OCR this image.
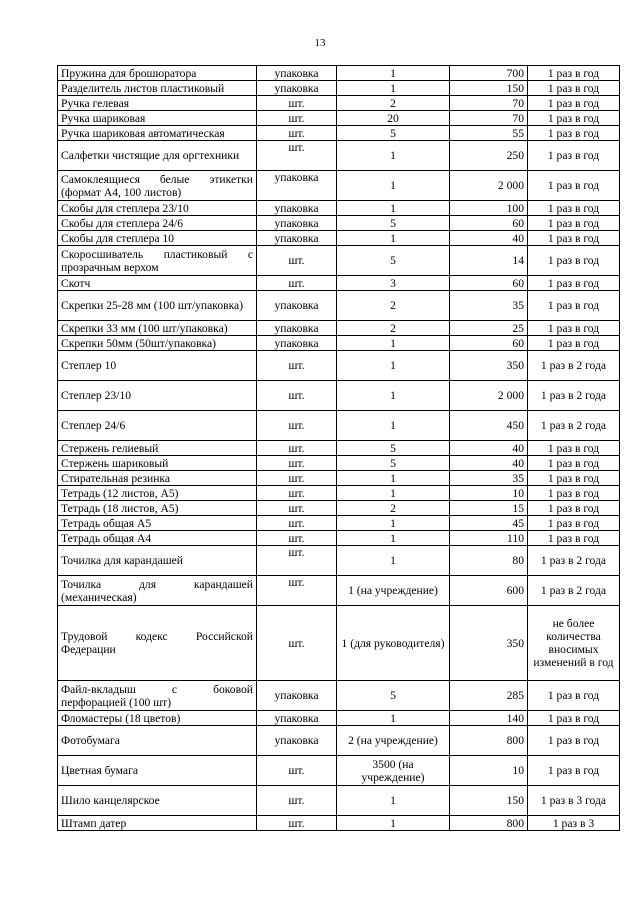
13
Пружина для брошюратора	упаковка	1	700	1 раз в год
Разделитель листов пластиковый	упаковка	1	150	1 раз в год
Ручка гелевая	шт.	2	70	1 раз в год
Ручка шариковая	шт.	20	70	1 раз в год
Ручка шариковая автоматическая	шт.	5	55	1 раз в год
Салфетки чистящие для оргтехники	шт.	1	250	1 раз в год
Самоклеящиеся белые этикетки (формат А4, 100 листов)	упаковка	1	2 000	1 раз в год
Скобы для степлера 23/10	упаковка	1	100	1 раз в год
Скобы для степлера 24/6	упаковка	5	60	1 раз в год
Скобы для степлера 10	упаковка	1	40	1 раз в год
Скоросшиватель пластиковый с прозрачным верхом	шт.	5	14	1 раз в год
Скотч	шт.	3	60	1 раз в год
Скрепки 25-28 мм (100 шт/упаковка)	упаковка	2	35	1 раз в год
Скрепки 33 мм (100 шт/упаковка)	упаковка	2	25	1 раз в год
Скрепки 50мм (50шт/упаковка)	упаковка	1	60	1 раз в год
Степлер 10	шт.	1	350	1 раз в 2 года
Степлер 23/10	шт.	1	2 000	1 раз в 2 года
Степлер 24/6	шт.	1	450	1 раз в 2 года
Стержень гелиевый	шт.	5	40	1 раз в год
Стержень шариковый	шт.	5	40	1 раз в год
Стирательная резинка	шт.	1	35	1 раз в год
Тетрадь (12 листов, А5)	шт.	1	10	1 раз в год
Тетрадь (18 листов, А5)	шт.	2	15	1 раз в год
Тетрадь общая А5	шт.	1	45	1 раз в год
Тетрадь общая А4	шт.	1	110	1 раз в год
Точилка для карандашей	шт.	1	80	1 раз в 2 года
Точилка для карандашей (механическая)	шт.	1 (на учреждение)	600	1 раз в 2 года
Трудовой кодекс Российской Федерации	шт.	1 (для руководителя)	350	не более количества вносимых изменений в год
Файл-вкладыш с боковой перфорацией (100 шт)	упаковка	5	285	1 раз в год
Фломастеры (18 цветов)	упаковка	1	140	1 раз в год
Фотобумага	упаковка	2 (на учреждение)	800	1 раз в год
Цветная бумага	шт.	3500 (на учреждение)	10	1 раз в год
Шило канцелярское	шт.	1	150	1 раз в 3 года
Штамп датер	шт.	1	800	1 раз в 3
